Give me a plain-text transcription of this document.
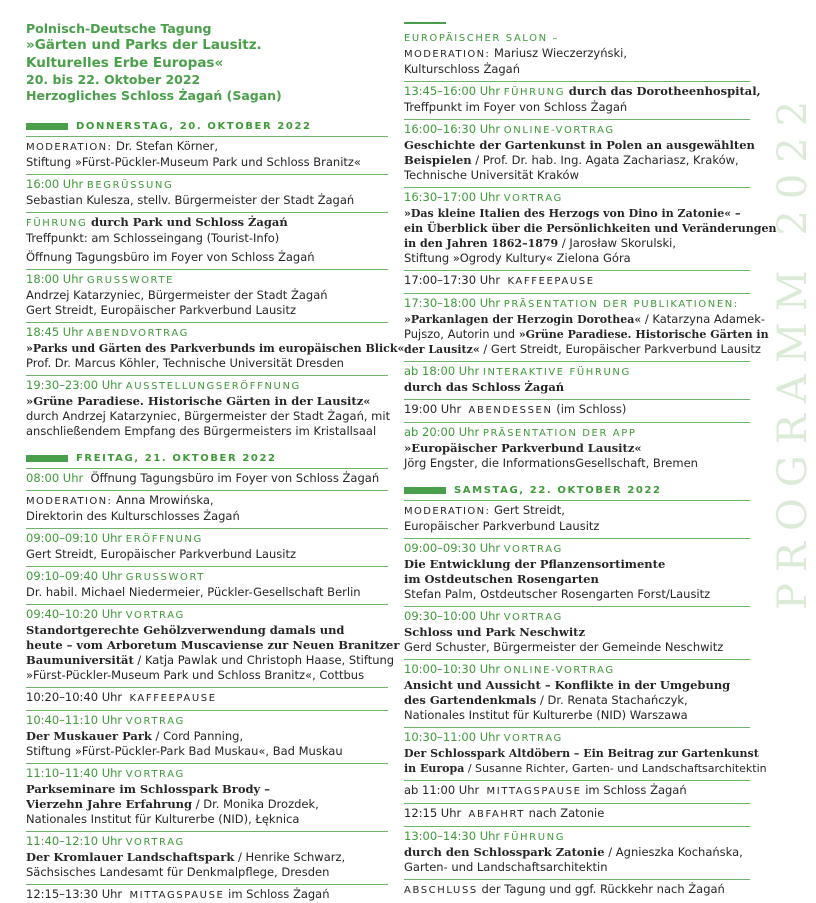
Polnisch-Deutsche Tagung
»Gärten und Parks der Lausitz.
Kulturelles Erbe Europas«
20. bis 22. Oktober 2022
Herzogliches Schloss Żagań (Sagan)
DONNERSTAG, 20. OKTOBER 2022
MODERATION: Dr. Stefan Körner,
Stiftung »Fürst-Pückler-Museum Park und Schloss Branitz«
16:00 Uhr BEGRÜSSUNG
Sebastian Kulesza, stellv. Bürgermeister der Stadt Żagań
FÜHRUNG durch Park und Schloss Żagań
Treffpunkt: am Schlosseingang (Tourist-Info)
Öffnung Tagungsbüro im Foyer von Schloss Żagań
18:00 Uhr GRUSSWORTE
Andrzej Katarzyniec, Bürgermeister der Stadt Żagań
Gert Streidt, Europäischer Parkverbund Lausitz
18:45 Uhr ABENDVORTRAG
»Parks und Gärten des Parkverbunds im europäischen Blick«
Prof. Dr. Marcus Köhler, Technische Universität Dresden
19:30–23:00 Uhr AUSSTELLUNGSERÖFFNUNG
»Grüne Paradiese. Historische Gärten in der Lausitz«
durch Andrzej Katarzyniec, Bürgermeister der Stadt Żagań, mit
anschließendem Empfang des Bürgermeisters im Kristallsaal
FREITAG, 21. OKTOBER 2022
08:00 Uhr Öffnung Tagungsbüro im Foyer von Schloss Żagań
MODERATION: Anna Mrowińska,
Direktorin des Kulturschlosses Żagań
09:00–09:10 Uhr ERÖFFNUNG
Gert Streidt, Europäischer Parkverbund Lausitz
09:10–09:40 Uhr GRUSSWORT
Dr. habil. Michael Niedermeier, Pückler-Gesellschaft Berlin
09:40–10:20 Uhr VORTRAG
Standortgerechte Gehölzverwendung damals und
heute – vom Arboretum Muscaviense zur Neuen Branitzer
Baumuniversität / Katja Pawlak und Christoph Haase, Stiftung
»Fürst-Pückler-Museum Park und Schloss Branitz«, Cottbus
10:20–10:40 Uhr KAFFEEPAUSE
10:40–11:10 Uhr VORTRAG
Der Muskauer Park / Cord Panning,
Stiftung »Fürst-Pückler-Park Bad Muskau«, Bad Muskau
11:10–11:40 Uhr VORTRAG
Parkseminare im Schlosspark Brody –
Vierzehn Jahre Erfahrung / Dr. Monika Drozdek,
Nationales Institut für Kulturerbe (NID), Łęknica
11:40–12:10 Uhr VORTRAG
Der Kromlauer Landschaftspark / Henrike Schwarz,
Sächsisches Landesamt für Denkmalpflege, Dresden
12:15–13:30 Uhr MITTAGSPAUSE im Schloss Żagań
EUROPÄISCHER SALON –
MODERATION: Mariusz Wieczerzyński,
Kulturschloss Żagań
13:45–16:00 Uhr FÜHRUNG durch das Dorotheenhospital,
Treffpunkt im Foyer von Schloss Żagań
16:00–16:30 Uhr ONLINE-VORTRAG
Geschichte der Gartenkunst in Polen an ausgewählten
Beispielen / Prof. Dr. hab. Ing. Agata Zachariasz, Kraków,
Technische Universität Kraków
16:30–17:00 Uhr VORTRAG
»Das kleine Italien des Herzogs von Dino in Zatonie« –
ein Überblick über die Persönlichkeiten und Veränderungen
in den Jahren 1862–1879 / Jarosław Skorulski,
Stiftung »Ogrody Kultury« Zielona Góra
17:00–17:30 Uhr KAFFEEPAUSE
17:30–18:00 Uhr PRÄSENTATION DER PUBLIKATIONEN:
»Parkanlagen der Herzogin Dorothea« / Katarzyna Adamek-
Pujszo, Autorin und »Grüne Paradiese. Historische Gärten in
der Lausitz« / Gert Streidt, Europäischer Parkverbund Lausitz
ab 18:00 Uhr INTERAKTIVE FÜHRUNG
durch das Schloss Żagań
19:00 Uhr ABENDESSEN (im Schloss)
ab 20:00 Uhr PRÄSENTATION DER APP
»Europäischer Parkverbund Lausitz«
Jörg Engster, die InformationsGesellschaft, Bremen
SAMSTAG, 22. OKTOBER 2022
MODERATION: Gert Streidt,
Europäischer Parkverbund Lausitz
09:00–09:30 Uhr VORTRAG
Die Entwicklung der Pflanzensortimente
im Ostdeutschen Rosengarten
Stefan Palm, Ostdeutscher Rosengarten Forst/Lausitz
09:30–10:00 Uhr VORTRAG
Schloss und Park Neschwitz
Gerd Schuster, Bürgermeister der Gemeinde Neschwitz
10:00–10:30 Uhr ONLINE-VORTRAG
Ansicht und Aussicht – Konflikte in der Umgebung
des Gartendenkmals / Dr. Renata Stachańczyk,
Nationales Institut für Kulturerbe (NID) Warszawa
10:30–11:00 Uhr VORTRAG
Der Schlosspark Altdöbern – Ein Beitrag zur Gartenkunst
in Europa / Susanne Richter, Garten- und Landschaftsarchitektin
ab 11:00 Uhr MITTAGSPAUSE im Schloss Żagań
12:15 Uhr ABFAHRT nach Zatonie
13:00–14:30 Uhr FÜHRUNG
durch den Schlosspark Zatonie / Agnieszka Kochańska,
Garten- und Landschaftsarchitektin
ABSCHLUSS der Tagung und ggf. Rückkehr nach Żagań
PROGRAMM 2022
